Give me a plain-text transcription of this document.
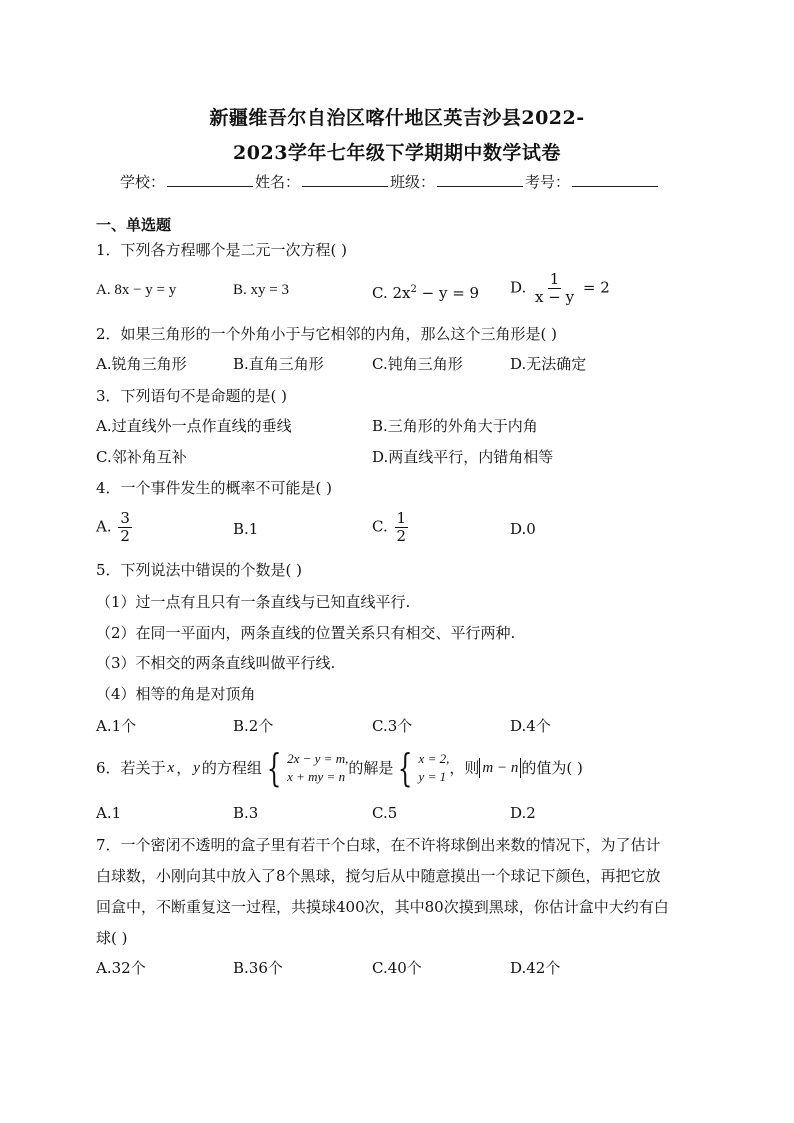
新疆维吾尔自治区喀什地区英吉沙县2022-
2023学年七年级下学期期中数学试卷
学校：	姓名：	班级：	考号：
一、单选题
1．下列各方程哪个是二元一次方程( )
A. 8x − y = y	B. xy = 3	C. $2x^2 - y = 9$ D. $\frac{1}{x - y} = 2$
2．如果三角形的一个外角小于与它相邻的内角，那么这个三角形是( )
A.锐角三角形	B.直角三角形	C.钝角三角形	D.无法确定
3．下列语句不是命题的是( )
A.过直线外一点作直线的垂线	B.三角形的外角大于内角
C.邻补角互补	D.两直线平行，内错角相等
4．一个事件发生的概率不可能是( )
A. $\frac{3}{2}$	B.1	C. $\frac{1}{2}$	D.0
5．下列说法中错误的个数是( )
（1）过一点有且只有一条直线与已知直线平行.
（2）在同一平面内，两条直线的位置关系只有相交、平行两种.
（3）不相交的两条直线叫做平行线.
（4）相等的角是对顶角
A.1个	B.2个	C.3个	D.4个
6．若关于 x ， y 的方程组 { 2x − y = m,
x + my = n 的解是 { x = 2,
y = 1 ，则 m − n 的值为( )
A.1	B.3	C.5	D.2
7．一个密闭不透明的盒子里有若干个白球，在不许将球倒出来数的情况下，为了估计
白球数，小刚向其中放入了8个黑球，搅匀后从中随意摸出一个球记下颜色，再把它放
回盒中，不断重复这一过程，共摸球400次，其中80次摸到黑球，你估计盒中大约有白
球( )
A.32个	B.36个	C.40个	D.42个
